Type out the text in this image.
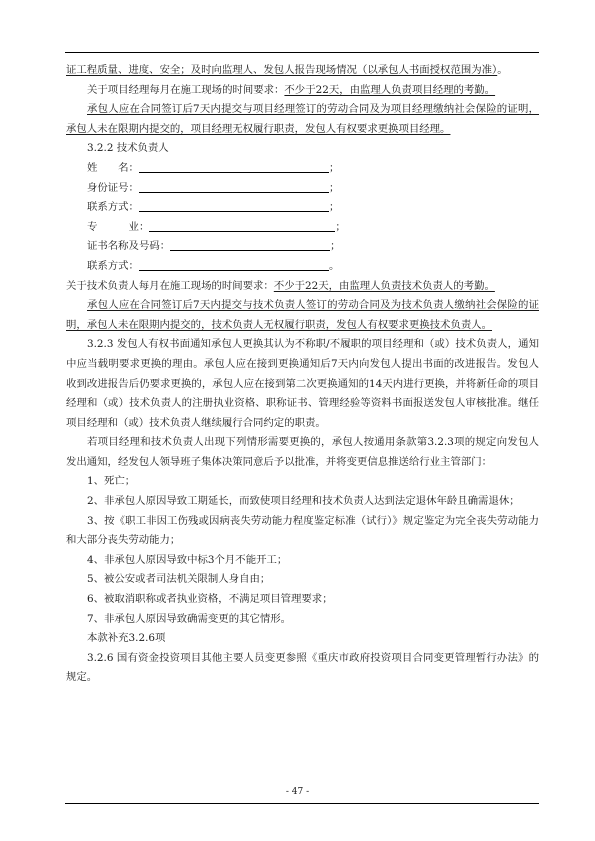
证工程质量、进度、安全；及时向监理人、发包人报告现场情况（以承包人书面授权范围为准）。

关于项目经理每月在施工现场的时间要求：不少于22天，由监理人负责项目经理的考勤。

承包人应在合同签订后7天内提交与项目经理签订的劳动合同及为项目经理缴纳社会保险的证明，承包人未在限期内提交的，项目经理无权履行职责，发包人有权要求更换项目经理。

3.2.2 技术负责人

姓　　名：	；
身份证号：	；
联系方式：	；
专　　　业：	；
证书名称及号码：	；
联系方式：	。

关于技术负责人每月在施工现场的时间要求：不少于22天，由监理人负责技术负责人的考勤。

承包人应在合同签订后7天内提交与技术负责人签订的劳动合同及为技术负责人缴纳社会保险的证明，承包人未在限期内提交的，技术负责人无权履行职责，发包人有权要求更换技术负责人。

3.2.3 发包人有权书面通知承包人更换其认为不称职/不履职的项目经理和（或）技术负责人，通知中应当载明要求更换的理由。承包人应在接到更换通知后7天内向发包人提出书面的改进报告。发包人收到改进报告后仍要求更换的，承包人应在接到第二次更换通知的14天内进行更换，并将新任命的项目经理和（或）技术负责人的注册执业资格、职称证书、管理经验等资料书面报送发包人审核批准。继任项目经理和（或）技术负责人继续履行合同约定的职责。

若项目经理和技术负责人出现下列情形需要更换的，承包人按通用条款第3.2.3项的规定向发包人发出通知，经发包人领导班子集体决策同意后予以批准，并将变更信息推送给行业主管部门：

1、死亡；

2、非承包人原因导致工期延长，而致使项目经理和技术负责人达到法定退休年龄且确需退休；

3、按《职工非因工伤残或因病丧失劳动能力程度鉴定标准（试行）》规定鉴定为完全丧失劳动能力和大部分丧失劳动能力；

4、非承包人原因导致中标3个月不能开工；

5、被公安或者司法机关限制人身自由；

6、被取消职称或者执业资格，不满足项目管理要求；

7、非承包人原因导致确需变更的其它情形。

本款补充3.2.6项

3.2.6 国有资金投资项目其他主要人员变更参照《重庆市政府投资项目合同变更管理暂行办法》的规定。

- 47 -
